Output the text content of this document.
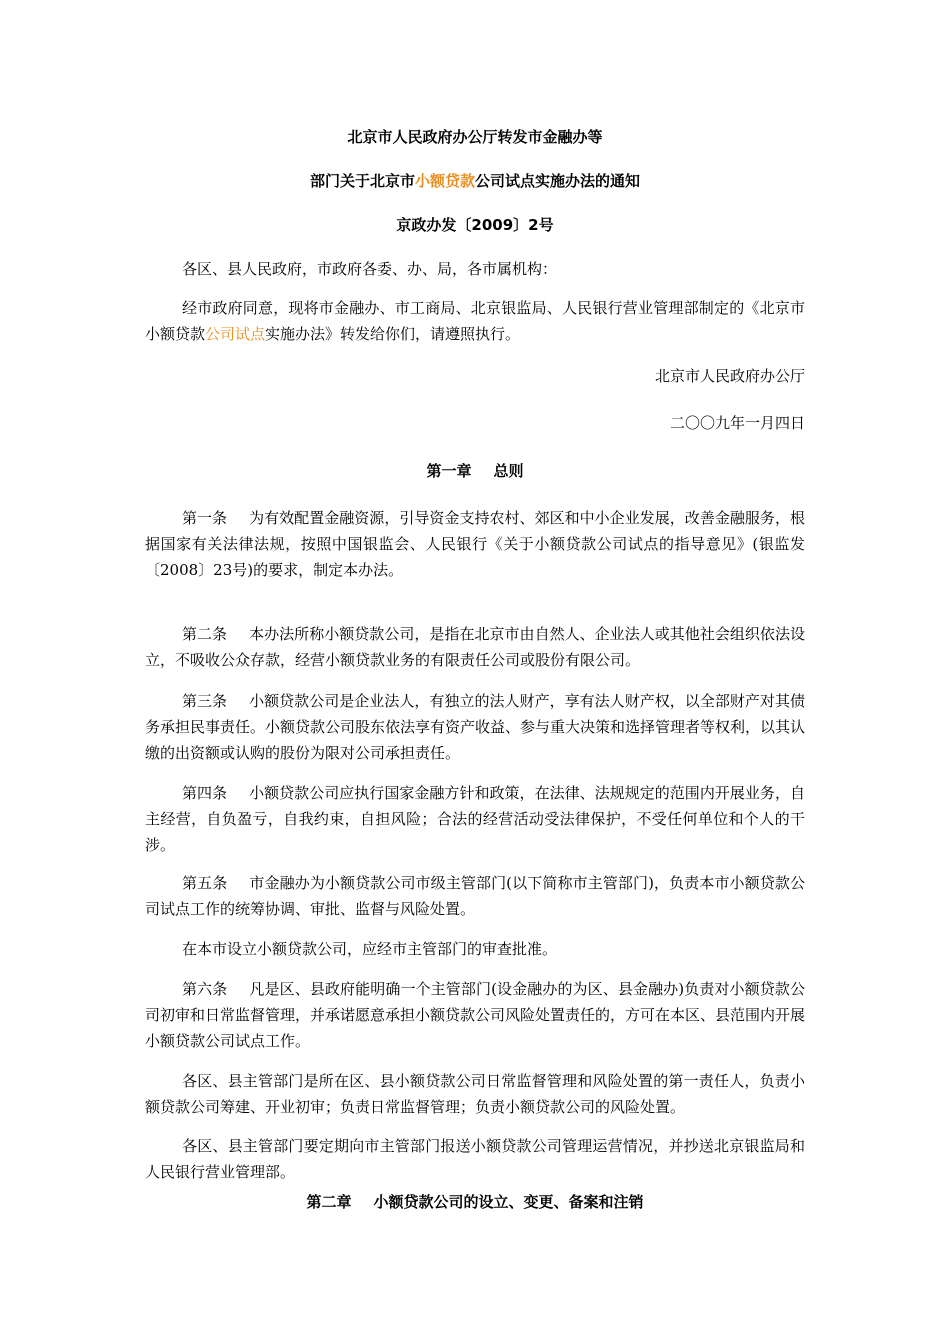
北京市人民政府办公厅转发市金融办等
部门关于北京市小额贷款公司试点实施办法的通知
京政办发〔2009〕2号

各区、县人民政府，市政府各委、办、局，各市属机构：

经市政府同意，现将市金融办、市工商局、北京银监局、人民银行营业管理部制定的《北京市小额贷款公司试点实施办法》转发给你们，请遵照执行。

北京市人民政府办公厅
二〇〇九年一月四日
第一章 总则

第一条 为有效配置金融资源，引导资金支持农村、郊区和中小企业发展，改善金融服务，根据国家有关法律法规，按照中国银监会、人民银行《关于小额贷款公司试点的指导意见》(银监发〔2008〕23号)的要求，制定本办法。

第二条 本办法所称小额贷款公司，是指在北京市由自然人、企业法人或其他社会组织依法设立，不吸收公众存款，经营小额贷款业务的有限责任公司或股份有限公司。

第三条 小额贷款公司是企业法人，有独立的法人财产，享有法人财产权，以全部财产对其债务承担民事责任。小额贷款公司股东依法享有资产收益、参与重大决策和选择管理者等权利，以其认缴的出资额或认购的股份为限对公司承担责任。

第四条 小额贷款公司应执行国家金融方针和政策，在法律、法规规定的范围内开展业务，自主经营，自负盈亏，自我约束，自担风险；合法的经营活动受法律保护，不受任何单位和个人的干涉。

第五条 市金融办为小额贷款公司市级主管部门(以下简称市主管部门)，负责本市小额贷款公司试点工作的统筹协调、审批、监督与风险处置。

在本市设立小额贷款公司，应经市主管部门的审查批准。

第六条 凡是区、县政府能明确一个主管部门(设金融办的为区、县金融办)负责对小额贷款公司初审和日常监督管理，并承诺愿意承担小额贷款公司风险处置责任的，方可在本区、县范围内开展小额贷款公司试点工作。

各区、县主管部门是所在区、县小额贷款公司日常监督管理和风险处置的第一责任人，负责小额贷款公司筹建、开业初审；负责日常监督管理；负责小额贷款公司的风险处置。

各区、县主管部门要定期向市主管部门报送小额贷款公司管理运营情况，并抄送北京银监局和人民银行营业管理部。

第二章 小额贷款公司的设立、变更、备案和注销
